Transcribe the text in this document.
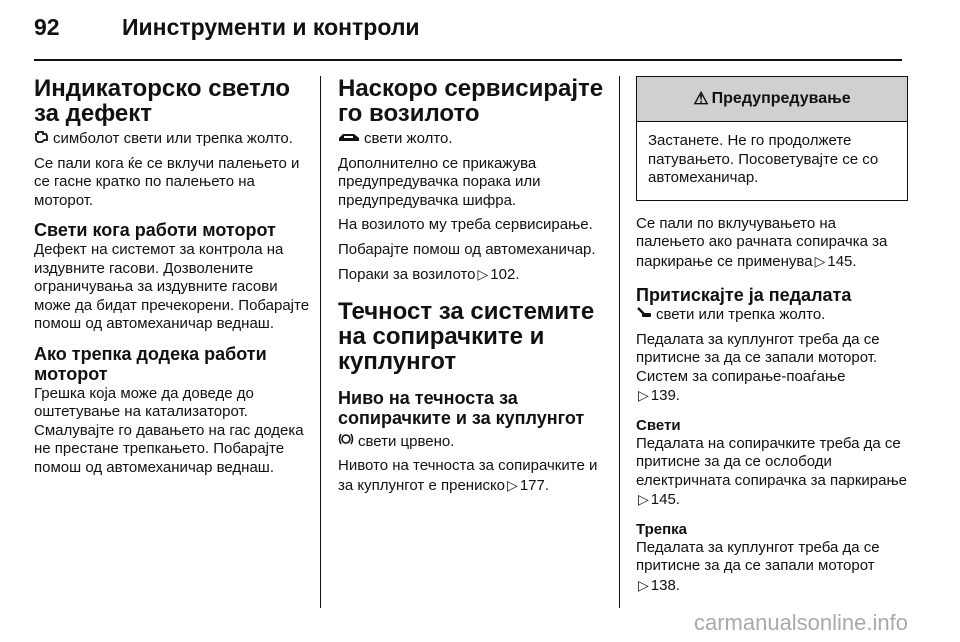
92	Иинструменти и контроли
Индикаторско светло за дефект

симболот свети или трепка жолто.

Се пали кога ќе се вклучи палењето и се гасне кратко по палењето на моторот.

Свети кога работи моторот

Дефект на системот за контрола на издувните гасови. Дозволените ограничувања за издувните гасови може да бидат пречекорени. Побарајте помош од автомеханичар веднаш.

Ако трепка додека работи моторот

Грешка која може да доведе до оштетување на катализаторот. Смалувајте го давањето на гас додека не престане трепкањето. Побарајте помош од автомеханичар веднаш.

Наскоро сервисирајте го возилото

свети жолто.

Дополнително се прикажува предупредувачка порака или предупредувачка шифра.

На возилото му треба сервисирање.

Побарајте помош од автомеханичар.

Пораки за возилото ▷ 102.

Течност за системите на сопирачките и куплунгот
Ниво на течноста за сопирачките и за куплунгот

свети црвено.

Нивото на течноста за сопирачките и за куплунгот е прениско ▷ 177.

⚠ Предупредување
Застанете. Не го продолжете патувањето. Посоветувајте се со автомеханичар.

Се пали по вклучувањето на палењето ако рачната сопирачка за паркирање се применува ▷ 145.

Притискајте ја педалата

свети или трепка жолто.

Педалата за куплунгот треба да се притисне за да се запали моторот. Систем за сопирање-поаѓање
▷ 139.

Свети

Педалата на сопирачките треба да се притисне за да се ослободи електричната сопирачка за паркирање▷ 145.

Трепка

Педалата за куплунгот треба да се притисне за да се запали моторот
▷ 138.

carmanualsonline.info
